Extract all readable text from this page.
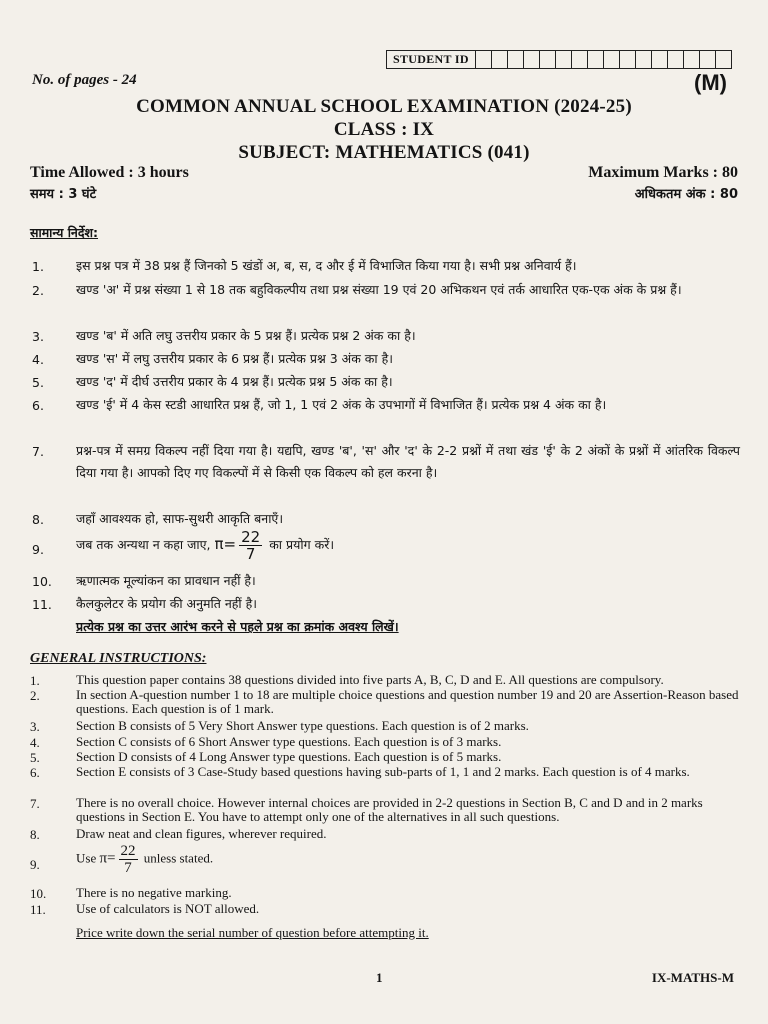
STUDENT ID
No. of pages - 24	(M)
COMMON ANNUAL SCHOOL EXAMINATION (2024-25)
CLASS : IX
SUBJECT: MATHEMATICS (041)
Time Allowed : 3 hours
समय : 3 घंटे
Maximum Marks : 80
अधिकतम अंक : 80
सामान्य निर्देश:
1.	इस प्रश्न पत्र में 38 प्रश्न हैं जिनको 5 खंडों अ, ब, स, द और ई में विभाजित किया गया है। सभी प्रश्न अनिवार्य हैं।
2.	खण्ड 'अ' में प्रश्न संख्या 1 से 18 तक बहुविकल्पीय तथा प्रश्न संख्या 19 एवं 20 अभिकथन एवं तर्क आधारित एक-एक अंक के प्रश्न हैं।
3.	खण्ड 'ब' में अति लघु उत्तरीय प्रकार के 5 प्रश्न हैं। प्रत्येक प्रश्न 2 अंक का है।
4.	खण्ड 'स' में लघु उत्तरीय प्रकार के 6 प्रश्न हैं। प्रत्येक प्रश्न 3 अंक का है।
5.	खण्ड 'द' में दीर्घ उत्तरीय प्रकार के 4 प्रश्न हैं। प्रत्येक प्रश्न 5 अंक का है।
6.	खण्ड 'ई' में 4 केस स्टडी आधारित प्रश्न हैं, जो 1, 1 एवं 2 अंक के उपभागों में विभाजित हैं। प्रत्येक प्रश्न 4 अंक का है।
7.	प्रश्न-पत्र में समग्र विकल्प नहीं दिया गया है। यद्यपि, खण्ड 'ब', 'स' और 'द' के 2-2 प्रश्नों में तथा खंड 'ई' के 2 अंकों के प्रश्नों में आंतरिक विकल्प दिया गया है। आपको दिए गए विकल्पों में से किसी एक विकल्प को हल करना है।
8.	जहाँ आवश्यक हो, साफ-सुथरी आकृति बनाएँ।
9.	जब तक अन्यथा न कहा जाए, $\pi= \frac{22}{7}$ का प्रयोग करें।
10.	ऋणात्मक मूल्यांकन का प्रावधान नहीं है।
11.	कैलकुलेटर के प्रयोग की अनुमति नहीं है।
प्रत्येक प्रश्न का उत्तर आरंभ करने से पहले प्रश्न का क्रमांक अवश्य लिखें।
GENERAL INSTRUCTIONS:
1.	This question paper contains 38 questions divided into five parts A, B, C, D and E. All questions are compulsory.
2.	In section A-question number 1 to 18 are multiple choice questions and question number 19 and 20 are Assertion-Reason based questions. Each question is of 1 mark.
3.	Section B consists of 5 Very Short Answer type questions. Each question is of 2 marks.
4.	Section C consists of 6 Short Answer type questions. Each question is of 3 marks.
5.	Section D consists of 4 Long Answer type questions. Each question is of 5 marks.
6.	Section E consists of 3 Case-Study based questions having sub-parts of 1, 1 and 2 marks. Each question is of 4 marks.
7.	There is no overall choice. However internal choices are provided in 2-2 questions in Section B, C and D and in 2 marks questions in Section E. You have to attempt only one of the alternatives in all such questions.
8.	Draw neat and clean figures, wherever required.
9.	Use $\pi= \frac{22}{7}$ unless stated.
10.	There is no negative marking.
11.	Use of calculators is NOT allowed.
Price write down the serial number of question before attempting it.
1	IX-MATHS-M
